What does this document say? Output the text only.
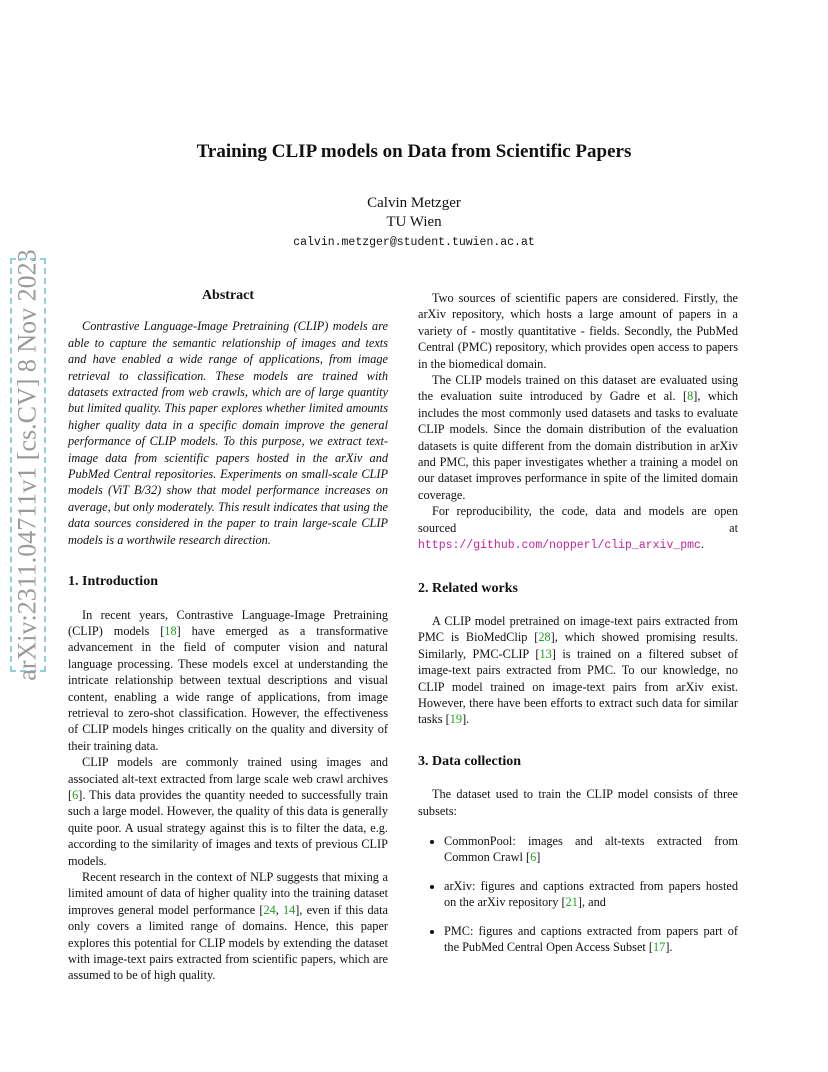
arXiv:2311.04711v1 [cs.CV] 8 Nov 2023
Training CLIP models on Data from Scientific Papers
Calvin Metzger
TU Wien
calvin.metzger@student.tuwien.ac.at
Abstract

Contrastive Language-Image Pretraining (CLIP) models are able to capture the semantic relationship of images and texts and have enabled a wide range of applications, from image retrieval to classification. These models are trained with datasets extracted from web crawls, which are of large quantity but limited quality. This paper explores whether limited amounts higher quality data in a specific domain improve the general performance of CLIP models. To this purpose, we extract text-image data from scientific papers hosted in the arXiv and PubMed Central repositories. Experiments on small-scale CLIP models (ViT B/32) show that model performance increases on average, but only moderately. This result indicates that using the data sources considered in the paper to train large-scale CLIP models is a worthwile research direction.

1. Introduction

In recent years, Contrastive Language-Image Pretraining (CLIP) models [18] have emerged as a transformative advancement in the field of computer vision and natural language processing. These models excel at understanding the intricate relationship between textual descriptions and visual content, enabling a wide range of applications, from image retrieval to zero-shot classification. However, the effectiveness of CLIP models hinges critically on the quality and diversity of their training data.

CLIP models are commonly trained using images and associated alt-text extracted from large scale web crawl archives [6]. This data provides the quantity needed to successfully train such a large model. However, the quality of this data is generally quite poor. A usual strategy against this is to filter the data, e.g. according to the similarity of images and texts of previous CLIP models.

Recent research in the context of NLP suggests that mixing a limited amount of data of higher quality into the training dataset improves general model performance [24, 14], even if this data only covers a limited range of domains. Hence, this paper explores this potential for CLIP models by extending the dataset with image-text pairs extracted from scientific papers, which are assumed to be of high quality.

Two sources of scientific papers are considered. Firstly, the arXiv repository, which hosts a large amount of papers in a variety of - mostly quantitative - fields. Secondly, the PubMed Central (PMC) repository, which provides open access to papers in the biomedical domain.

The CLIP models trained on this dataset are evaluated using the evaluation suite introduced by Gadre et al. [8], which includes the most commonly used datasets and tasks to evaluate CLIP models. Since the domain distribution of the evaluation datasets is quite different from the domain distribution in arXiv and PMC, this paper investigates whether a training a model on our dataset improves performance in spite of the limited domain coverage.

For reproducibility, the code, data and models are open sourced at https://github.com/nopperl/clip_arxiv_pmc.

2. Related works

A CLIP model pretrained on image-text pairs extracted from PMC is BioMedClip [28], which showed promising results. Similarly, PMC-CLIP [13] is trained on a filtered subset of image-text pairs extracted from PMC. To our knowledge, no CLIP model trained on image-text pairs from arXiv exist. However, there have been efforts to extract such data for similar tasks [19].

3. Data collection

The dataset used to train the CLIP model consists of three subsets:

• CommonPool: images and alt-texts extracted from Common Crawl [6]
• arXiv: figures and captions extracted from papers hosted on the arXiv repository [21], and
• PMC: figures and captions extracted from papers part of the PubMed Central Open Access Subset [17].
